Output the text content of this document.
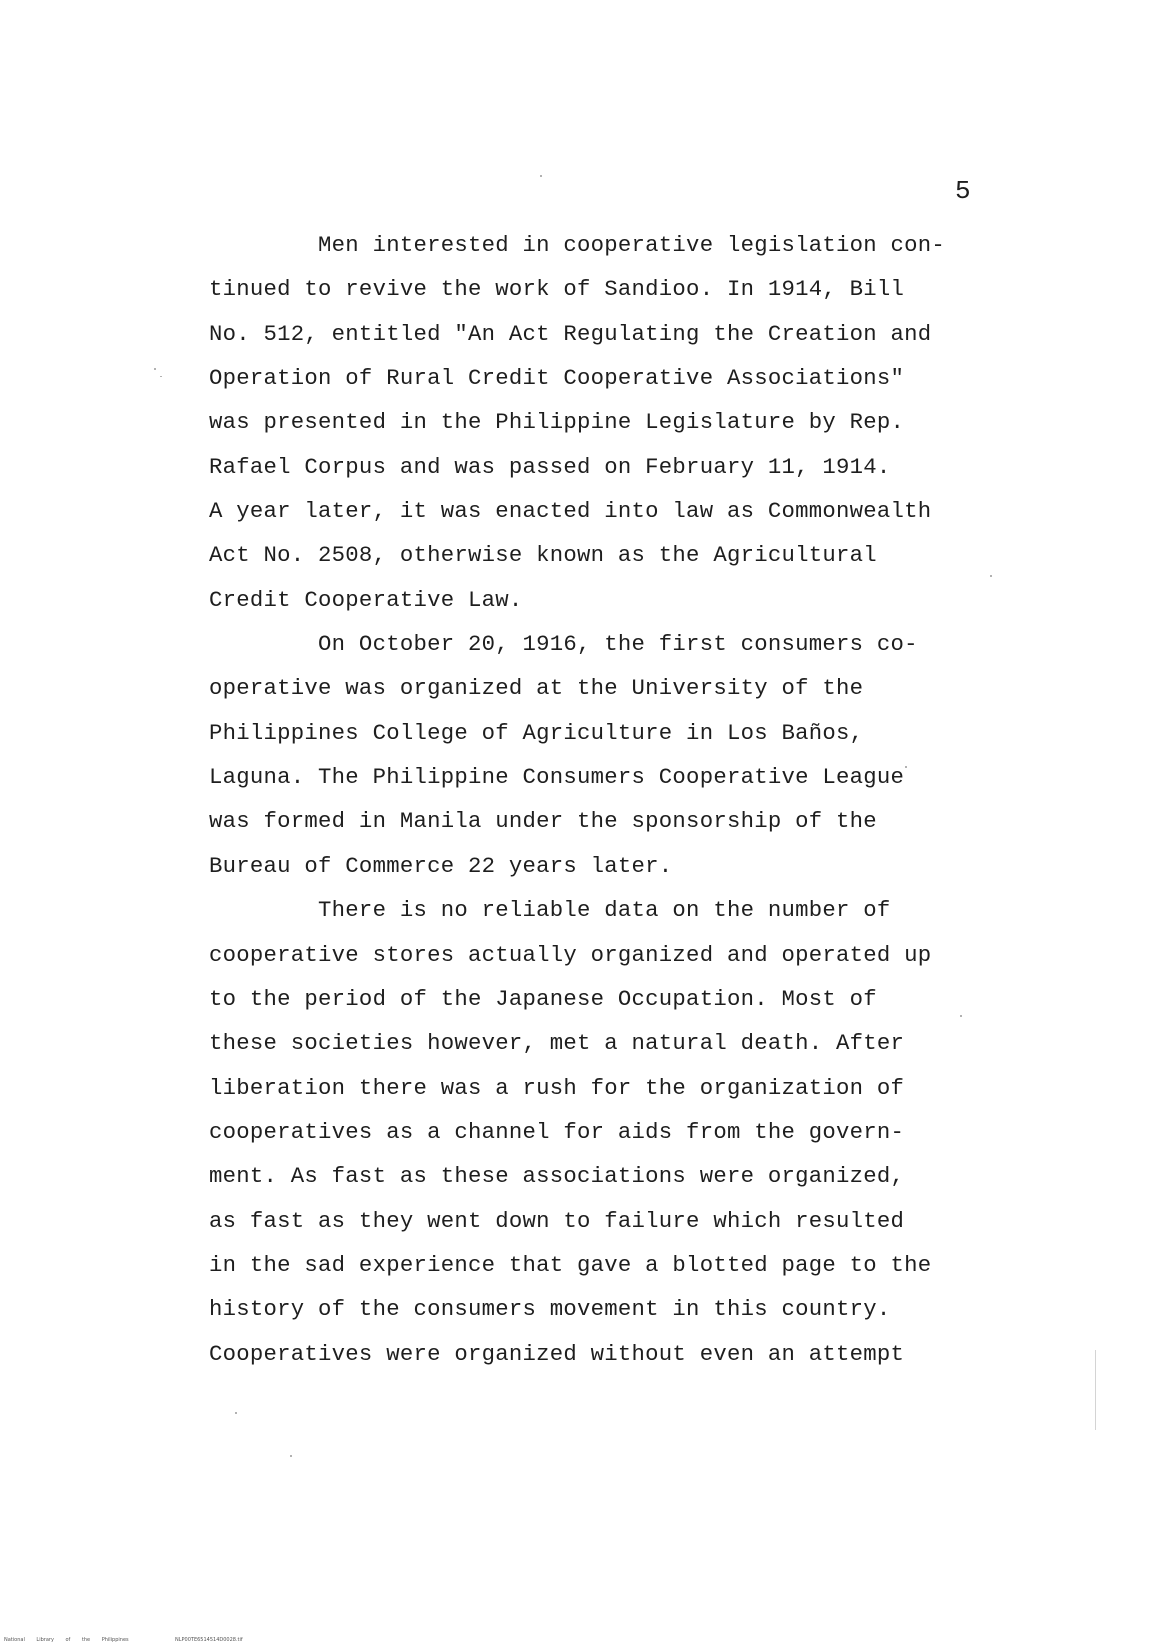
5
Men interested in cooperative legislation con-
tinued to revive the work of Sandioo. In 1914, Bill
No. 512, entitled "An Act Regulating the Creation and
Operation of Rural Credit Cooperative Associations"
was presented in the Philippine Legislature by Rep.
Rafael Corpus and was passed on February 11, 1914.
A year later, it was enacted into law as Commonwealth
Act No. 2508, otherwise known as the Agricultural
Credit Cooperative Law.
On October 20, 1916, the first consumers co-
operative was organized at the University of the
Philippines College of Agriculture in Los Baños,
Laguna. The Philippine Consumers Cooperative League
was formed in Manila under the sponsorship of the
Bureau of Commerce 22 years later.
There is no reliable data on the number of
cooperative stores actually organized and operated up
to the period of the Japanese Occupation. Most of
these societies however, met a natural death. After
liberation there was a rush for the organization of
cooperatives as a channel for aids from the govern-
ment. As fast as these associations were organized,
as fast as they went down to failure which resulted
in the sad experience that gave a blotted page to the
history of the consumers movement in this country.
Cooperatives were organized without even an attempt
National Library of the Philippines	NLP00TE6514514D0028.tif
